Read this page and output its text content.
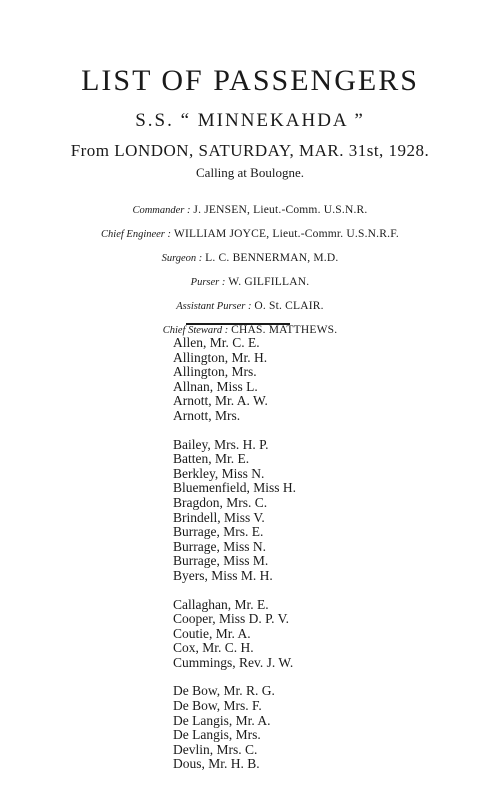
LIST OF PASSENGERS
S.S. “ MINNEKAHDA ”
From LONDON, SATURDAY, MAR. 31st, 1928.
Calling at Boulogne.
Commander : J. JENSEN, Lieut.-Comm. U.S.N.R.
Chief Engineer : WILLIAM JOYCE, Lieut.-Commr. U.S.N.R.F.
Surgeon : L. C. BENNERMAN, M.D.
Purser : W. GILFILLAN.
Assistant Purser : O. St. CLAIR.
Chief Steward : CHAS. MATTHEWS.
Allen, Mr. C. E.
Allington, Mr. H.
Allington, Mrs.
Allnan, Miss L.
Arnott, Mr. A. W.
Arnott, Mrs.
Bailey, Mrs. H. P.
Batten, Mr. E.
Berkley, Miss N.
Bluemenfield, Miss H.
Bragdon, Mrs. C.
Brindell, Miss V.
Burrage, Mrs. E.
Burrage, Miss N.
Burrage, Miss M.
Byers, Miss M. H.
Callaghan, Mr. E.
Cooper, Miss D. P. V.
Coutie, Mr. A.
Cox, Mr. C. H.
Cummings, Rev. J. W.
De Bow, Mr. R. G.
De Bow, Mrs. F.
De Langis, Mr. A.
De Langis, Mrs.
Devlin, Mrs. C.
Dous, Mr. H. B.
